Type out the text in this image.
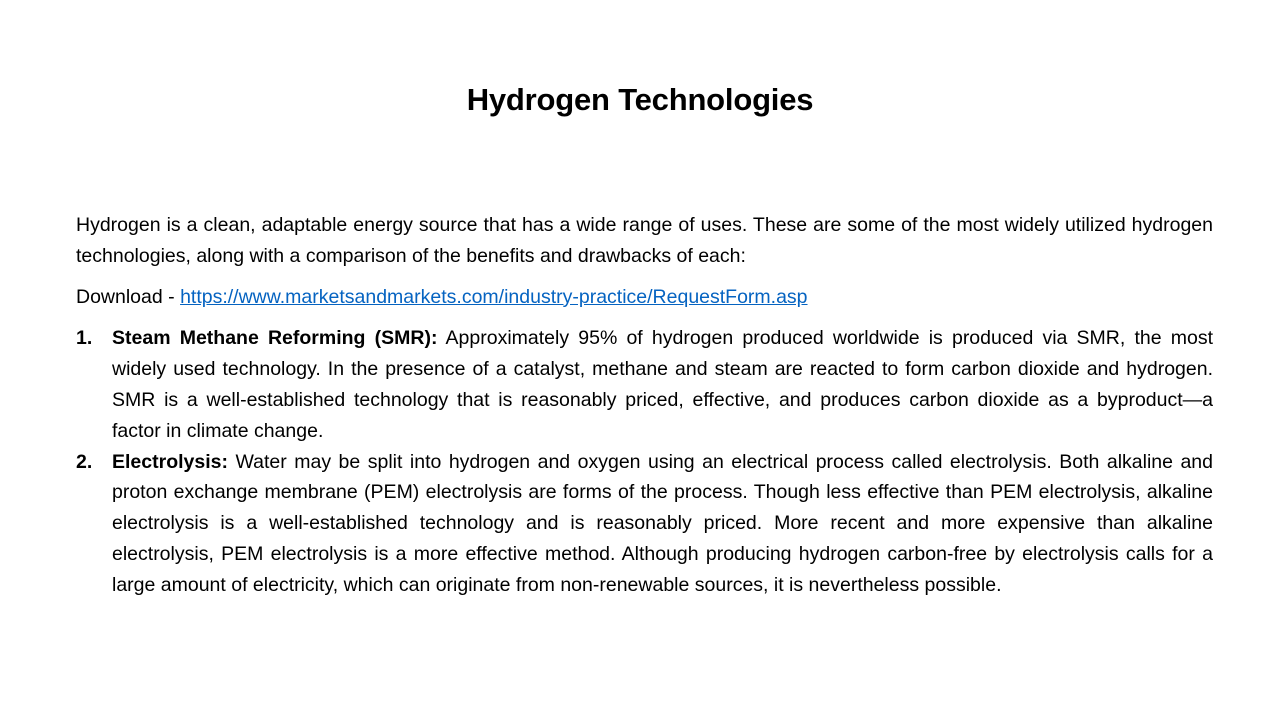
Hydrogen Technologies

Hydrogen is a clean, adaptable energy source that has a wide range of uses. These are some of the most widely utilized hydrogen technologies, along with a comparison of the benefits and drawbacks of each:

Download - https://www.marketsandmarkets.com/industry-practice/RequestForm.asp

1. Steam Methane Reforming (SMR): Approximately 95% of hydrogen produced worldwide is produced via SMR, the most widely used technology. In the presence of a catalyst, methane and steam are reacted to form carbon dioxide and hydrogen. SMR is a well-established technology that is reasonably priced, effective, and produces carbon dioxide as a byproduct—a factor in climate change.
2. Electrolysis: Water may be split into hydrogen and oxygen using an electrical process called electrolysis. Both alkaline and proton exchange membrane (PEM) electrolysis are forms of the process. Though less effective than PEM electrolysis, alkaline electrolysis is a well-established technology and is reasonably priced. More recent and more expensive than alkaline electrolysis, PEM electrolysis is a more effective method. Although producing hydrogen carbon-free by electrolysis calls for a large amount of electricity, which can originate from non-renewable sources, it is nevertheless possible.
